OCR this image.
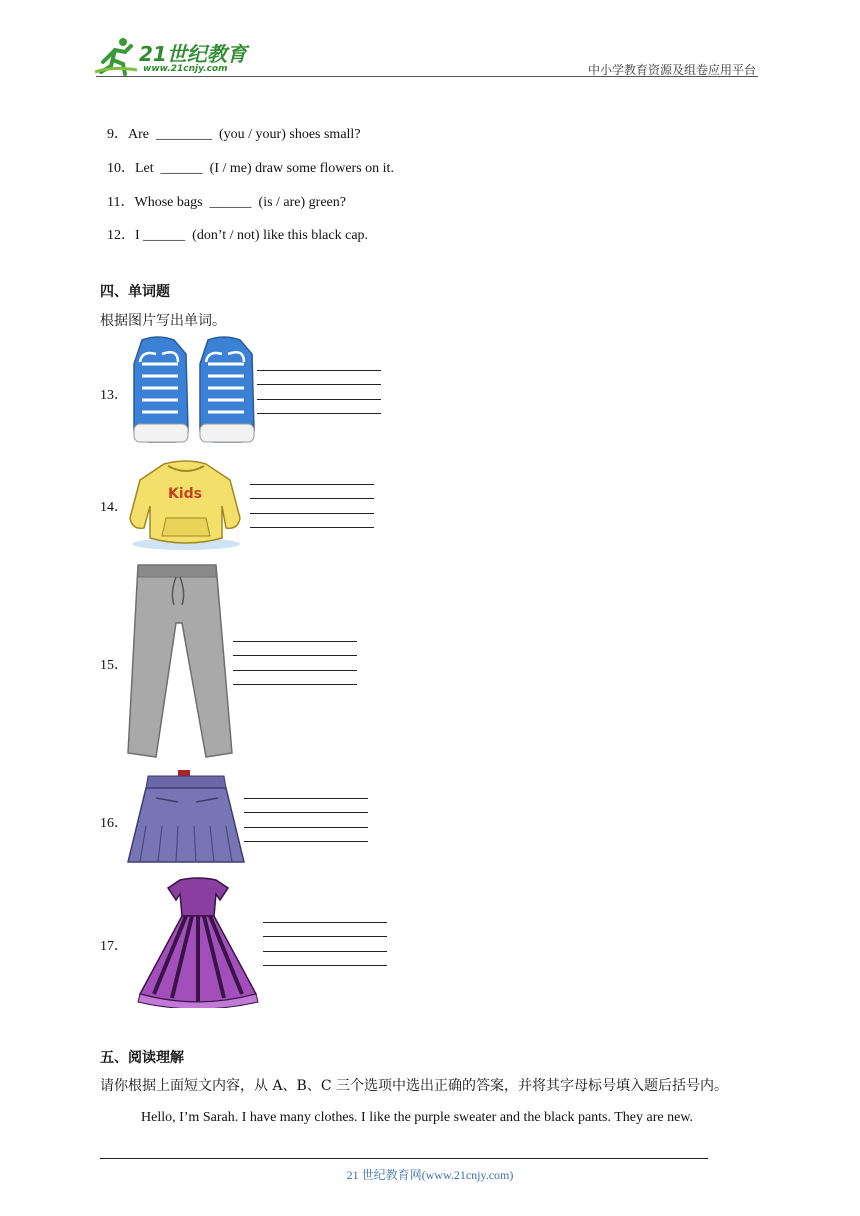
21世纪教育
www.21cnjy.com	中小学教育资源及组卷应用平台

9．Are ________ (you / your) shoes small?

10．Let ______ (I / me) draw some flowers on it.

11．Whose bags ______ (is / are) green?

12．I ______ (don’t / not) like this black cap.

四、单词题
根据图片写出单词。
13．
14．
Kids
15．
16．
17．
五、阅读理解
请你根据上面短文内容，从 A、B、C 三个选项中选出正确的答案，并将其字母标号填入题后括号内。
Hello, I’m Sarah. I have many clothes. I like the purple sweater and the black pants. They are new.
21 世纪教育网(www.21cnjy.com)
